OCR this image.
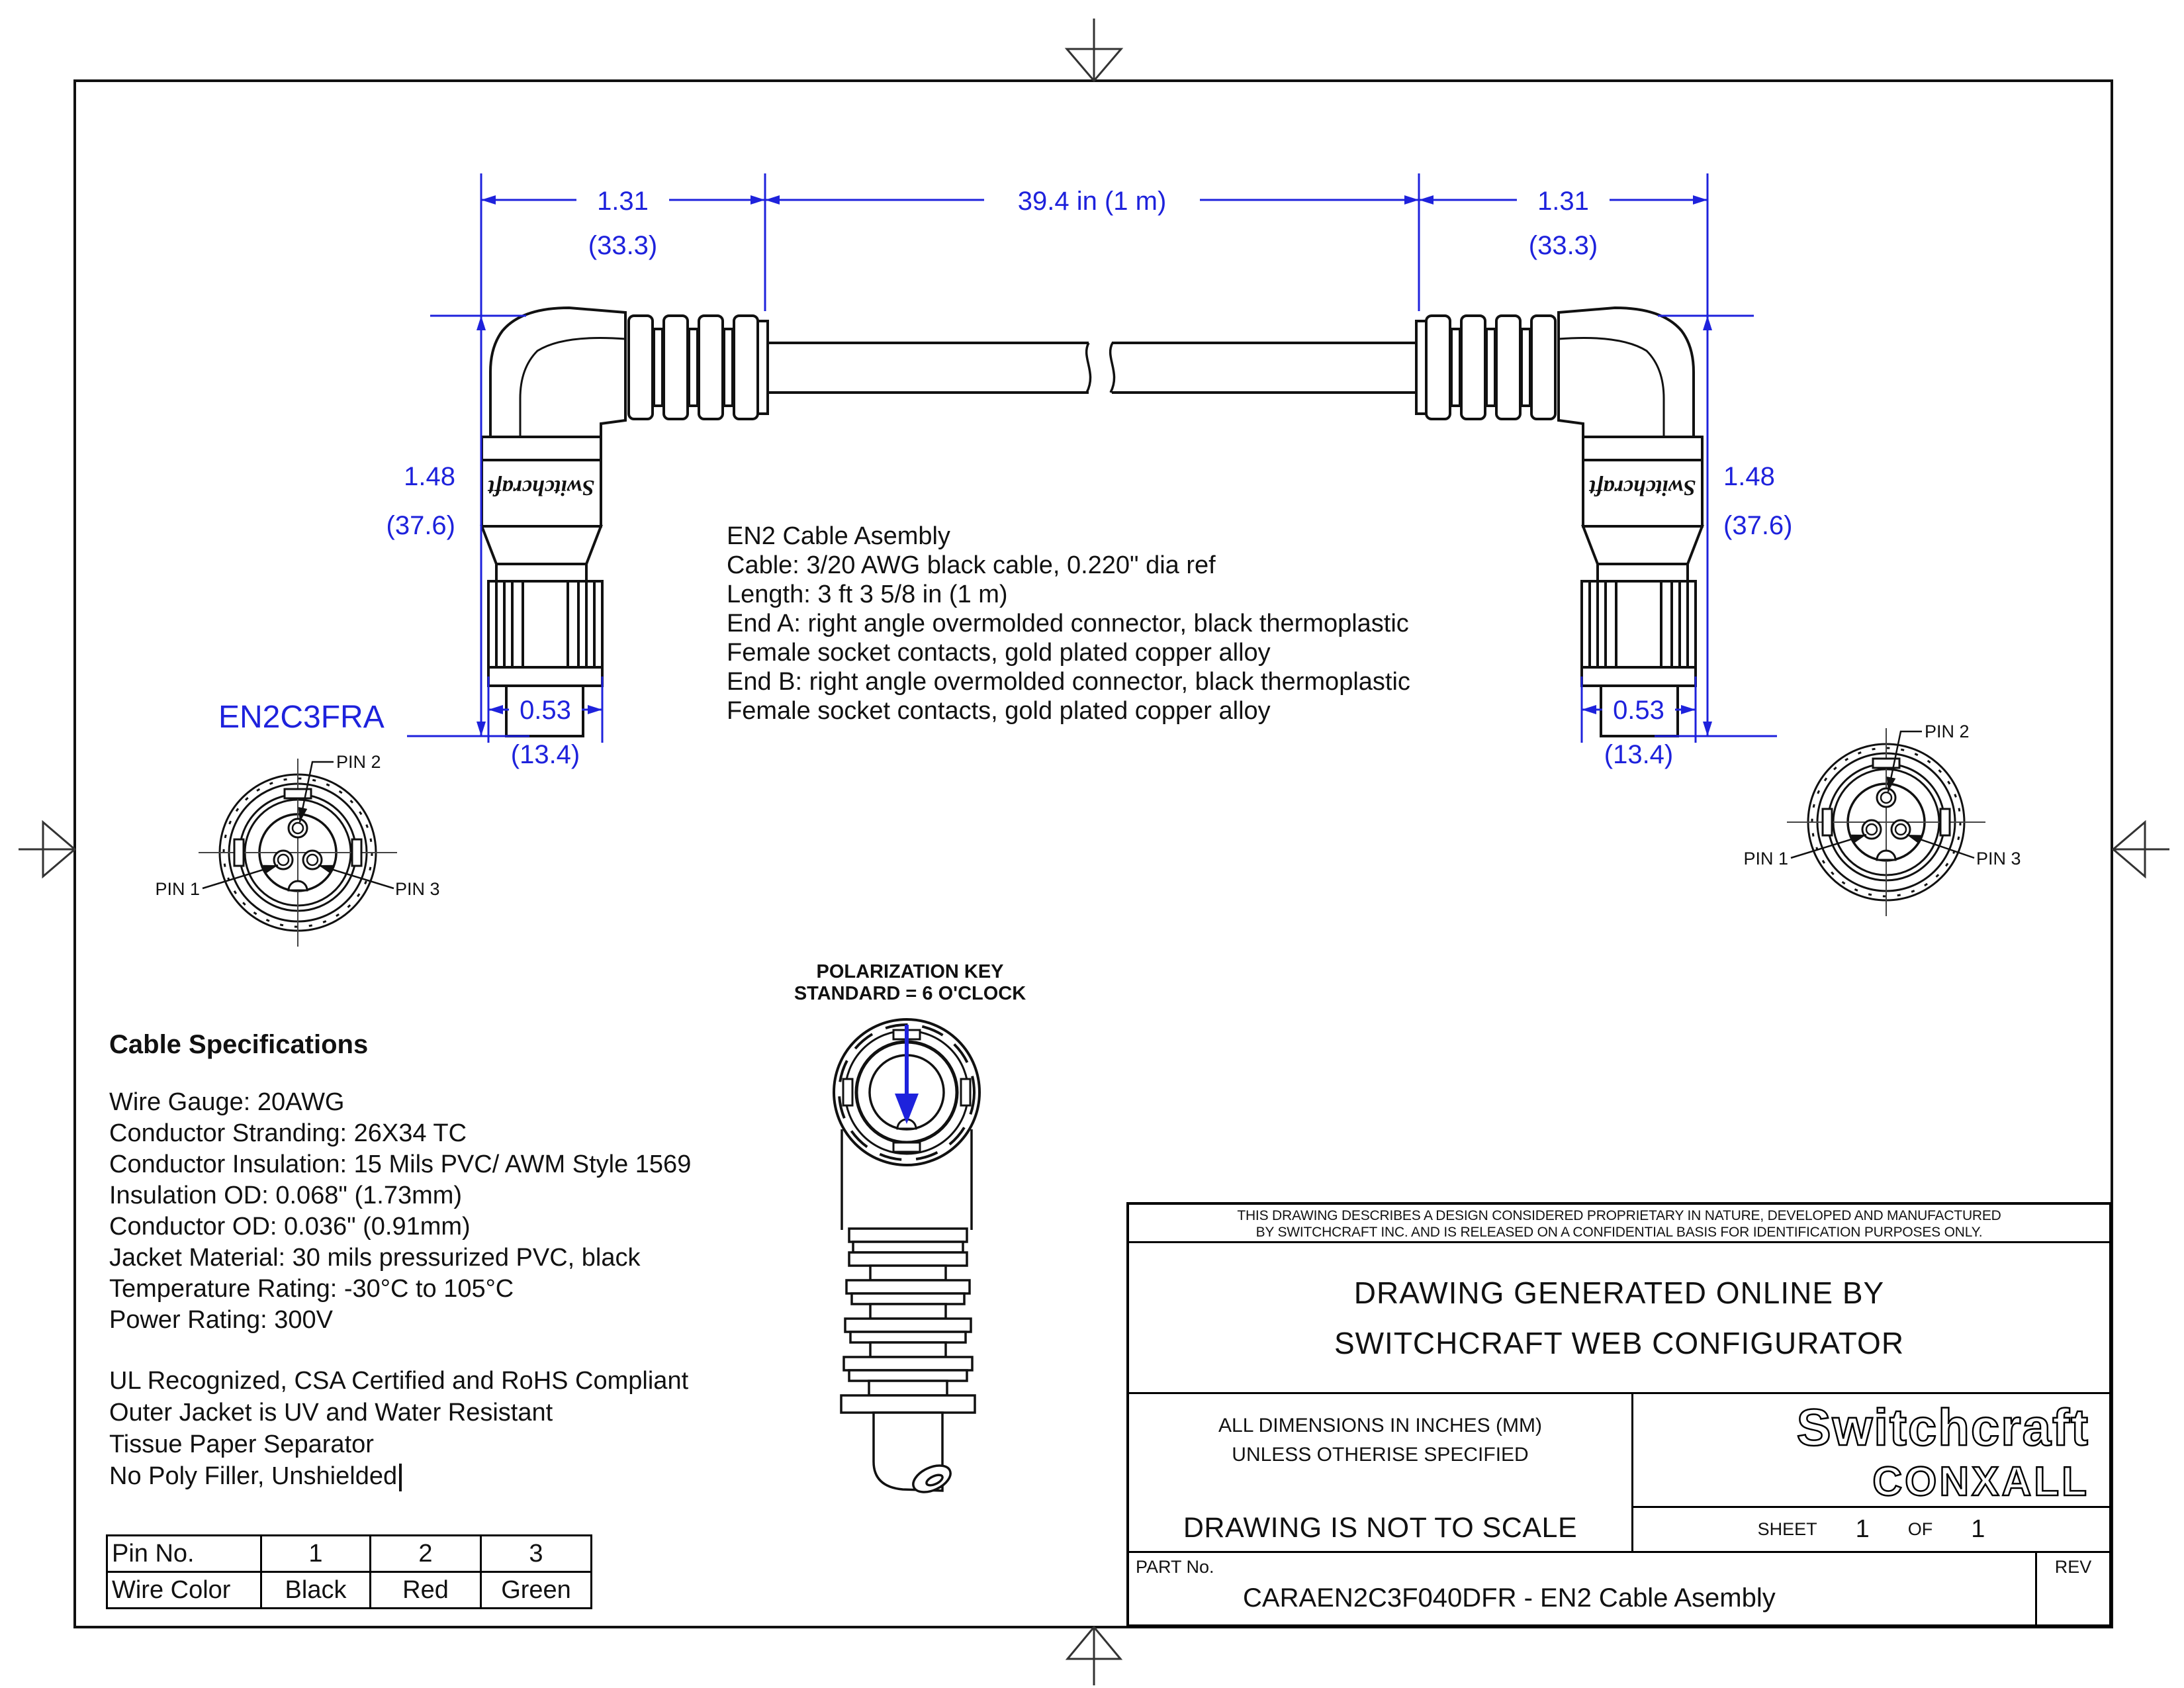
Switchcraft	Switchcraft
1.31
(33.3)
39.4 in (1 m)	1.31
(33.3)
1.48
(37.6)
1.48
(37.6)
0.53
(13.4)
0.53
(13.4)
PIN 2
PIN 1	PIN 3
PIN 2
PIN 1	PIN 3
EN2C3FRA
EN2 Cable Asembly
Cable: 3/20 AWG black cable, 0.220" dia ref
Length: 3 ft 3 5/8 in (1 m)
End A: right angle overmolded connector, black thermoplastic
Female socket contacts, gold plated copper alloy
End B: right angle overmolded connector, black thermoplastic
Female socket contacts, gold plated copper alloy
Cable Specifications
Wire Gauge: 20AWG
Conductor Stranding: 26X34 TC
Conductor Insulation: 15 Mils PVC/ AWM Style 1569
Insulation OD: 0.068" (1.73mm)
Conductor OD: 0.036" (0.91mm)
Jacket Material: 30 mils pressurized PVC, black
Temperature Rating: -30°C to 105°C
Power Rating: 300V
UL Recognized, CSA Certified and RoHS Compliant
Outer Jacket is UV and Water Resistant
Tissue Paper Separator
No Poly Filler, Unshielded
Pin No.	1	2	3
Wire Color	Black	Red	Green
POLARIZATION KEY
STANDARD = 6 O'CLOCK
THIS DRAWING DESCRIBES A DESIGN CONSIDERED PROPRIETARY IN NATURE, DEVELOPED AND MANUFACTURED
BY SWITCHCRAFT INC. AND IS RELEASED ON A CONFIDENTIAL BASIS FOR IDENTIFICATION PURPOSES ONLY.
DRAWING GENERATED ONLINE BY
SWITCHCRAFT WEB CONFIGURATOR
ALL DIMENSIONS IN INCHES (MM)
UNLESS OTHERISE SPECIFIED
DRAWING IS NOT TO SCALE
Switchcraft
CONXALL
SHEET 1 OF 1
PART No.
CARAEN2C3F040DFR - EN2 Cable Asembly
REV
